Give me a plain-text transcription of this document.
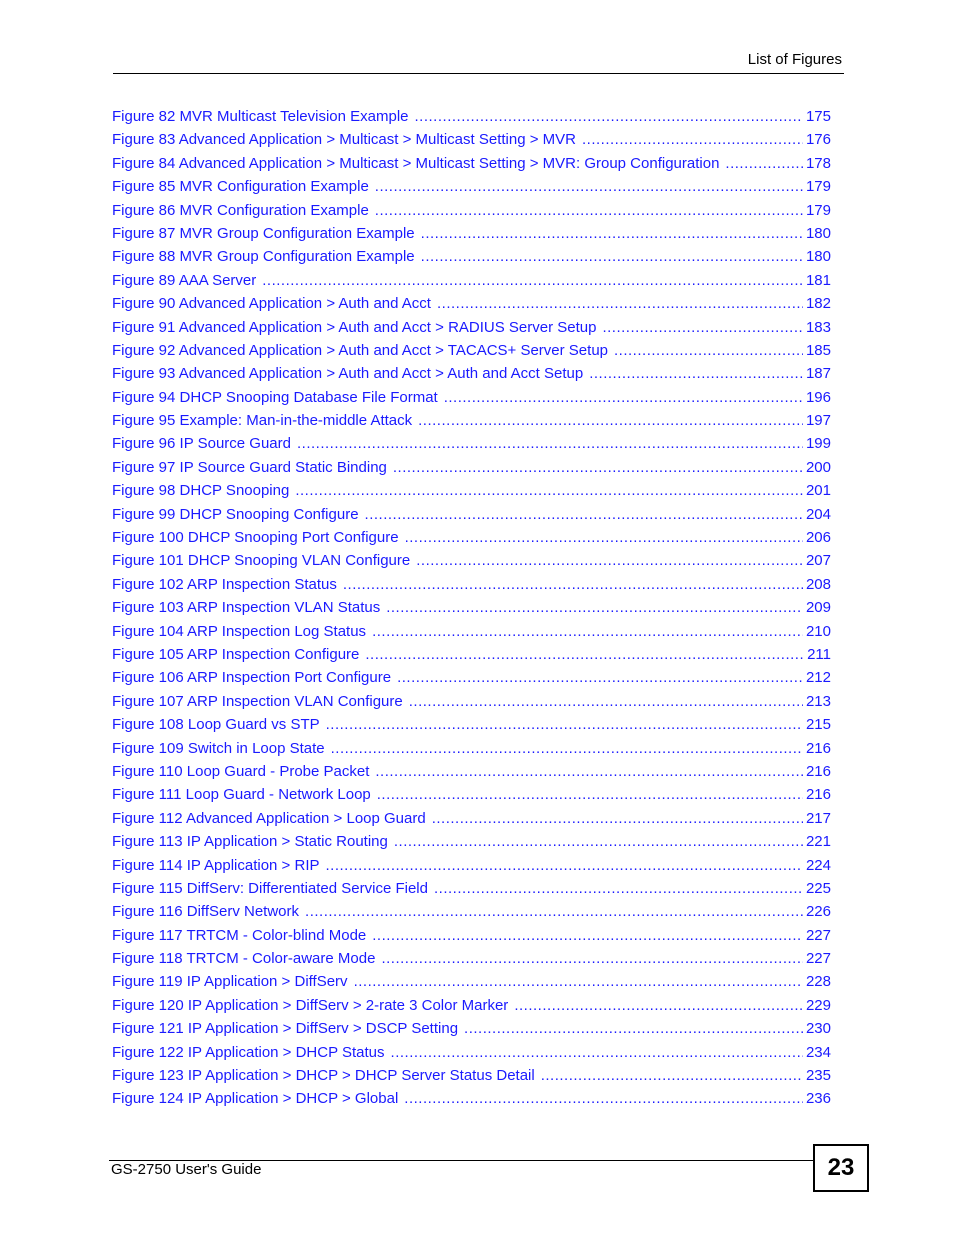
List of Figures
Figure 82 MVR Multicast Television Example .....	175
Figure 83 Advanced Application > Multicast > Multicast Setting > MVR .....	176
Figure 84 Advanced Application > Multicast > Multicast Setting > MVR: Group Configuration .....	178
Figure 85 MVR Configuration Example .....	179
Figure 86 MVR Configuration Example .....	179
Figure 87 MVR Group Configuration Example .....	180
Figure 88 MVR Group Configuration Example .....	180
Figure 89 AAA Server .....	181
Figure 90 Advanced Application > Auth and Acct .....	182
Figure 91 Advanced Application > Auth and Acct > RADIUS Server Setup .....	183
Figure 92 Advanced Application > Auth and Acct > TACACS+ Server Setup .....	185
Figure 93 Advanced Application > Auth and Acct > Auth and Acct Setup .....	187
Figure 94 DHCP Snooping Database File Format .....	196
Figure 95 Example: Man-in-the-middle Attack .....	197
Figure 96 IP Source Guard .....	199
Figure 97 IP Source Guard Static Binding .....	200
Figure 98 DHCP Snooping .....	201
Figure 99 DHCP Snooping Configure .....	204
Figure 100 DHCP Snooping Port Configure .....	206
Figure 101 DHCP Snooping VLAN Configure .....	207
Figure 102 ARP Inspection Status .....	208
Figure 103 ARP Inspection VLAN Status .....	209
Figure 104 ARP Inspection Log Status .....	210
Figure 105 ARP Inspection Configure .....	211
Figure 106 ARP Inspection Port Configure .....	212
Figure 107 ARP Inspection VLAN Configure .....	213
Figure 108 Loop Guard vs STP .....	215
Figure 109 Switch in Loop State .....	216
Figure 110 Loop Guard - Probe Packet .....	216
Figure 111 Loop Guard - Network Loop .....	216
Figure 112 Advanced Application > Loop Guard .....	217
Figure 113 IP Application > Static Routing .....	221
Figure 114 IP Application > RIP .....	224
Figure 115 DiffServ: Differentiated Service Field .....	225
Figure 116 DiffServ Network .....	226
Figure 117 TRTCM - Color-blind Mode .....	227
Figure 118 TRTCM - Color-aware Mode .....	227
Figure 119 IP Application > DiffServ .....	228
Figure 120 IP Application > DiffServ > 2-rate 3 Color Marker .....	229
Figure 121 IP Application > DiffServ > DSCP Setting .....	230
Figure 122 IP Application > DHCP Status .....	234
Figure 123 IP Application > DHCP > DHCP Server Status Detail .....	235
Figure 124 IP Application > DHCP > Global .....	236
GS-2750 User's Guide	23
